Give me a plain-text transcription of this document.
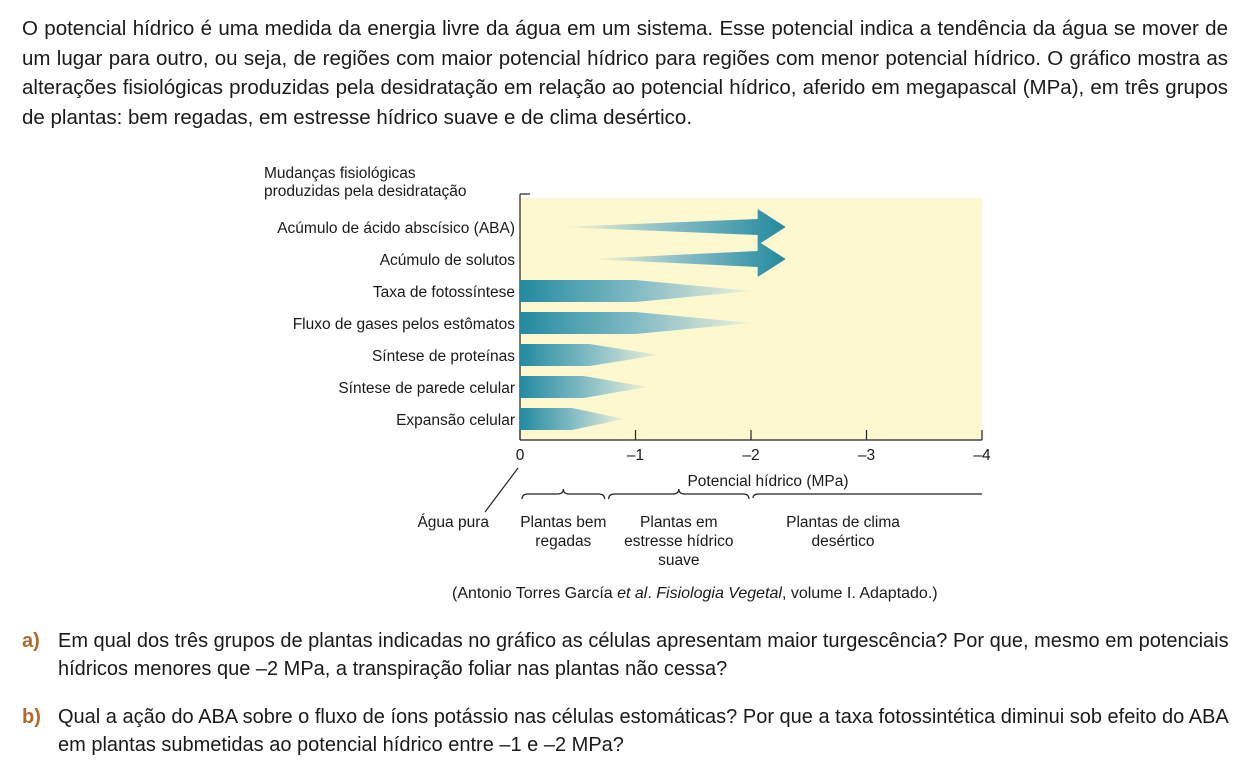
O potencial hídrico é uma medida da energia livre da água em um sistema. Esse potencial indica a tendência da água se mover de um lugar para outro, ou seja, de regiões com maior potencial hídrico para regiões com menor potencial hídrico. O gráfico mostra as alterações fisiológicas produzidas pela desidratação em relação ao potencial hídrico, aferido em megapascal (MPa), em três grupos de plantas: bem regadas, em estresse hídrico suave e de clima desértico.

Mudanças fisiológicas
produzidas pela desidratação
0	–1	–2	–3	–4
Potencial hídrico (MPa)
Acúmulo de ácido abscísico (ABA)
Acúmulo de solutos
Taxa de fotossíntese
Fluxo de gases pelos estômatos
Síntese de proteínas
Síntese de parede celular
Expansão celular
Plantas bem
regadas
Plantas em
estresse hídrico
suave
Plantas de clima
desértico
Água pura
(Antonio Torres García et al. Fisiologia Vegetal, volume I. Adaptado.)
a) Em qual dos três grupos de plantas indicadas no gráfico as células apresentam maior turgescência? Por que, mesmo em potenciais hídricos menores que –2 MPa, a transpiração foliar nas plantas não cessa?
b) Qual a ação do ABA sobre o fluxo de íons potássio nas células estomáticas? Por que a taxa fotossintética diminui sob efeito do ABA em plantas submetidas ao potencial hídrico entre –1 e –2 MPa?
